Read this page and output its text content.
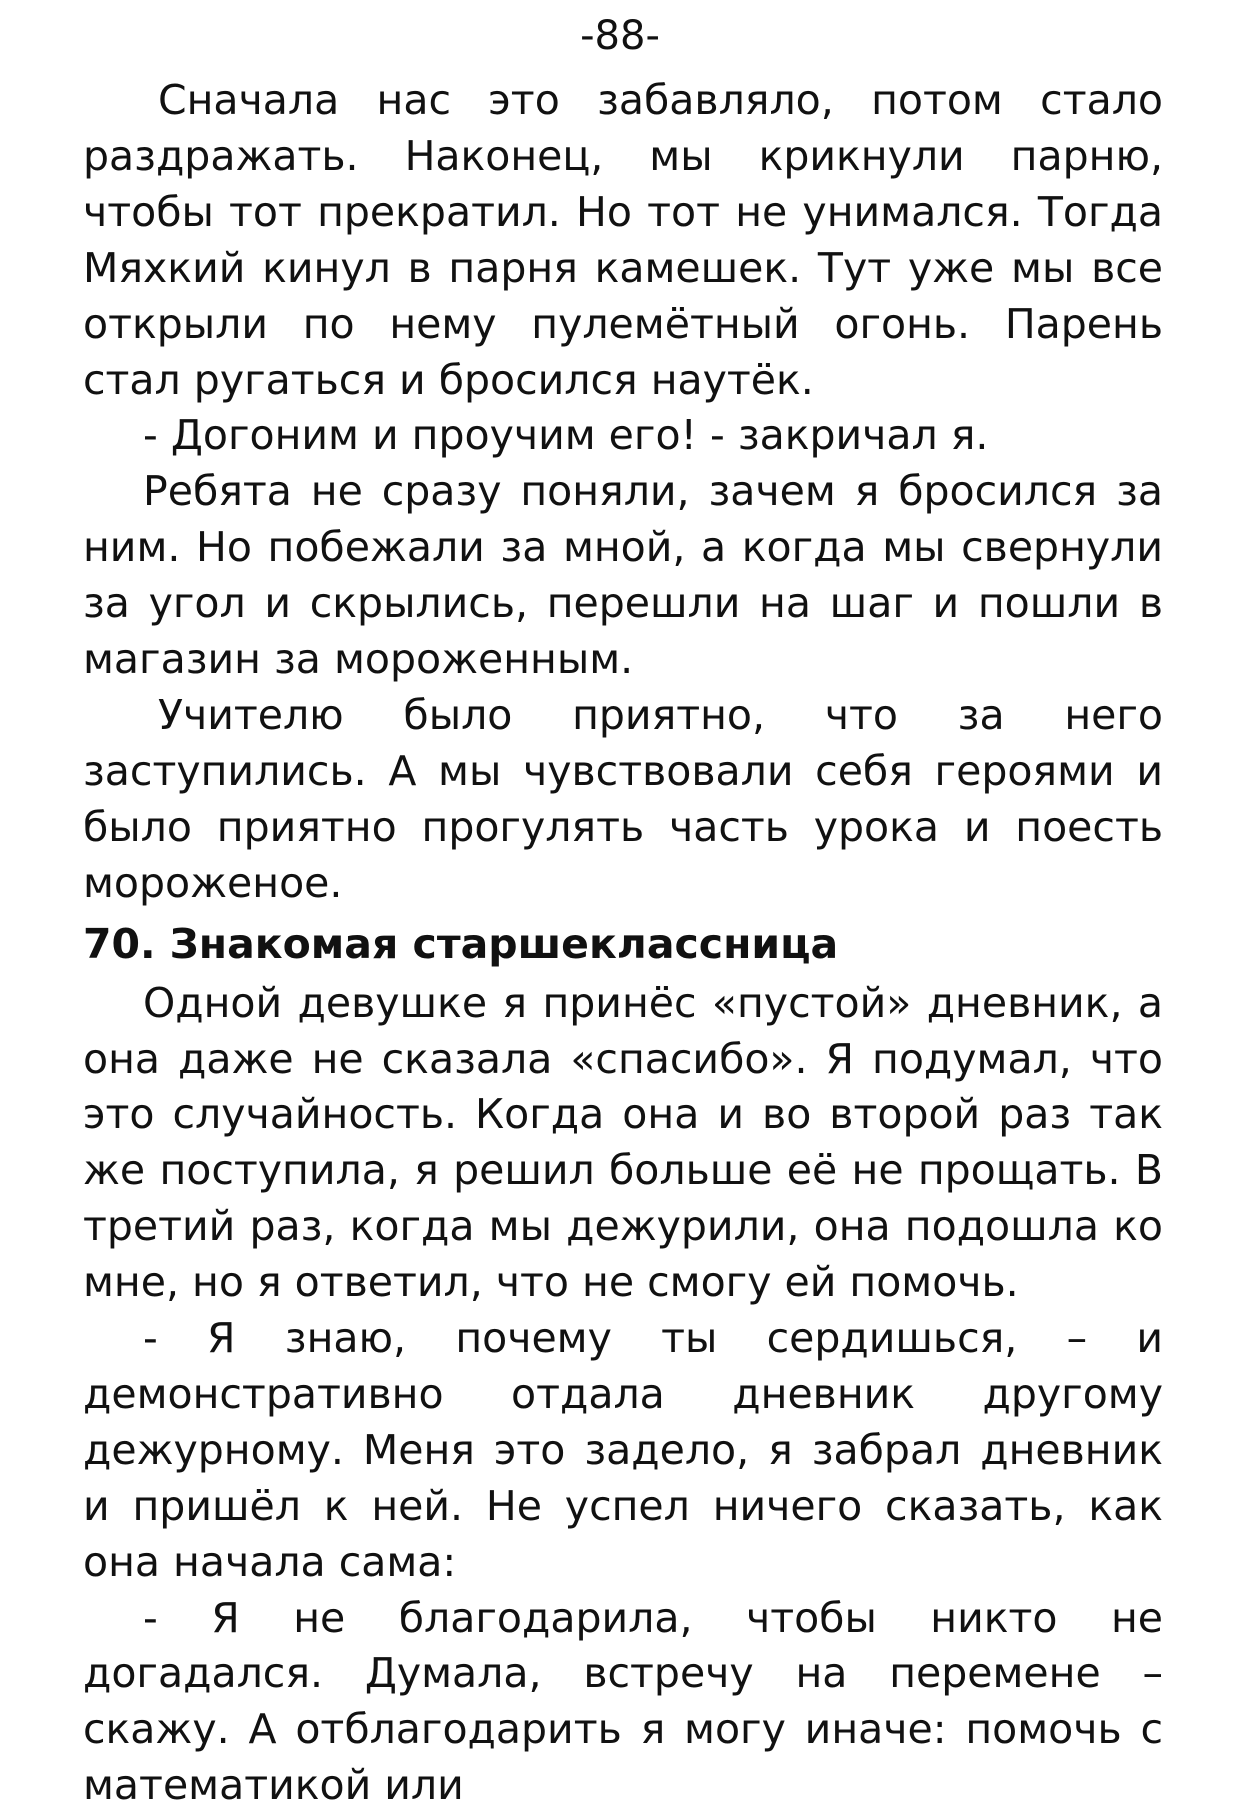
-88-

Сначала нас это забавляло, потом стало раздражать. Наконец, мы крикнули парню, чтобы тот прекратил. Но тот не унимался. Тогда Мяхкий кинул в парня камешек. Тут уже мы все открыли по нему пулемётный огонь. Парень стал ругаться и бросился наутёк.

- Догоним и проучим его! - закричал я.

Ребята не сразу поняли, зачем я бросился за ним. Но побежали за мной, а когда мы свернули за угол и скрылись, перешли на шаг и пошли в магазин за мороженным.

Учителю было приятно, что за него заступились. А мы чувствовали себя героями и было приятно прогулять часть урока и поесть мороженое.

70. Знакомая старшеклассница

Одной девушке я принёс «пустой» дневник, а она даже не сказала «спасибо». Я подумал, что это случайность. Когда она и во второй раз так же поступила, я решил больше её не прощать. В третий раз, когда мы дежурили, она подошла ко мне, но я ответил, что не смогу ей помочь.

- Я знаю, почему ты сердишься, – и демонстративно отдала дневник другому дежурному. Меня это задело, я забрал дневник и пришёл к ней. Не успел ничего сказать, как она начала сама:

- Я не благодарила, чтобы никто не догадался. Думала, встречу на перемене – скажу. А отблагодарить я могу иначе: помочь с математикой или
